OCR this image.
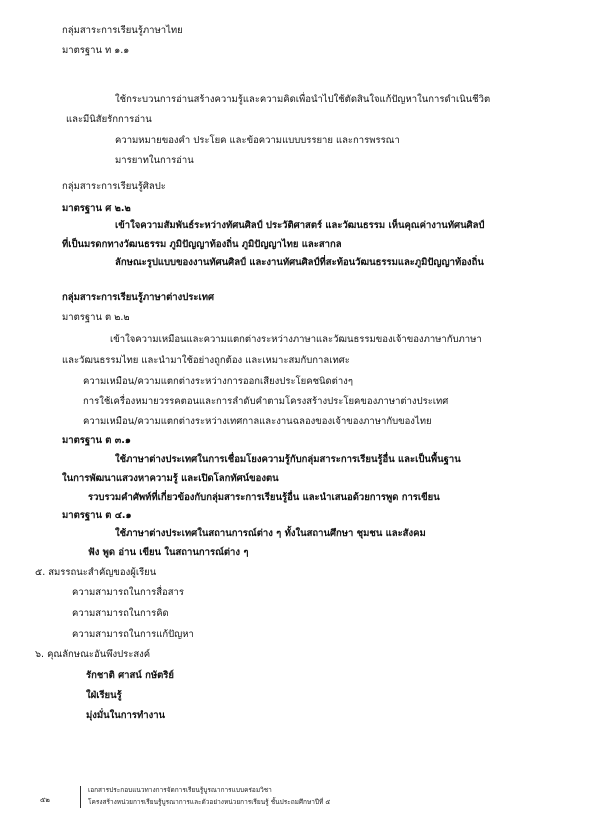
กลุ่มสาระการเรียนรู้ภาษาไทย
มาตรฐาน ท ๑.๑
ใช้กระบวนการอ่านสร้างความรู้และความคิดเพื่อนำไปใช้ตัดสินใจแก้ปัญหาในการดำเนินชีวิต
และมีนิสัยรักการอ่าน
ความหมายของคำ ประโยค และข้อความแบบบรรยาย และการพรรณา
มารยาทในการอ่าน
กลุ่มสาระการเรียนรู้ศิลปะ
มาตรฐาน ศ ๒.๒
เข้าใจความสัมพันธ์ระหว่างทัศนศิลป์ ประวัติศาสตร์ และวัฒนธรรม เห็นคุณค่างานทัศนศิลป์
ที่เป็นมรดกทางวัฒนธรรม ภูมิปัญญาท้องถิ่น ภูมิปัญญาไทย และสากล
ลักษณะรูปแบบของงานทัศนศิลป์ และงานทัศนศิลป์ที่สะท้อนวัฒนธรรมและภูมิปัญญาท้องถิ่น
กลุ่มสาระการเรียนรู้ภาษาต่างประเทศ
มาตรฐาน ต ๒.๒
เข้าใจความเหมือนและความแตกต่างระหว่างภาษาและวัฒนธรรมของเจ้าของภาษากับภาษา
และวัฒนธรรมไทย และนำมาใช้อย่างถูกต้อง และเหมาะสมกับกาลเทศะ
ความเหมือน/ความแตกต่างระหว่างการออกเสียงประโยคชนิดต่างๆ
การใช้เครื่องหมายวรรคตอนและการลำดับคำตามโครงสร้างประโยคของภาษาต่างประเทศ
ความเหมือน/ความแตกต่างระหว่างเทศกาลและงานฉลองของเจ้าของภาษากับของไทย
มาตรฐาน ต ๓.๑
ใช้ภาษาต่างประเทศในการเชื่อมโยงความรู้กับกลุ่มสาระการเรียนรู้อื่น และเป็นพื้นฐาน
ในการพัฒนาแสวงหาความรู้ และเปิดโลกทัศน์ของตน
รวบรวมคำศัพท์ที่เกี่ยวข้องกับกลุ่มสาระการเรียนรู้อื่น และนำเสนอด้วยการพูด การเขียน
มาตรฐาน ต ๔.๑
ใช้ภาษาต่างประเทศในสถานการณ์ต่าง ๆ ทั้งในสถานศึกษา ชุมชน และสังคม
ฟัง พูด อ่าน เขียน ในสถานการณ์ต่าง ๆ
๕. สมรรถนะสำคัญของผู้เรียน
ความสามารถในการสื่อสาร
ความสามารถในการคิด
ความสามารถในการแก้ปัญหา
๖. คุณลักษณะอันพึงประสงค์
รักชาติ ศาสน์ กษัตริย์
ใฝ่เรียนรู้
มุ่งมั่นในการทำงาน
๕๒
เอกสารประกอบแนวทางการจัดการเรียนรู้บูรณาการแบบคร่อมวิชา
โครงสร้างหน่วยการเรียนรู้บูรณาการและตัวอย่างหน่วยการเรียนรู้ ชั้นประถมศึกษาปีที่ ๕
